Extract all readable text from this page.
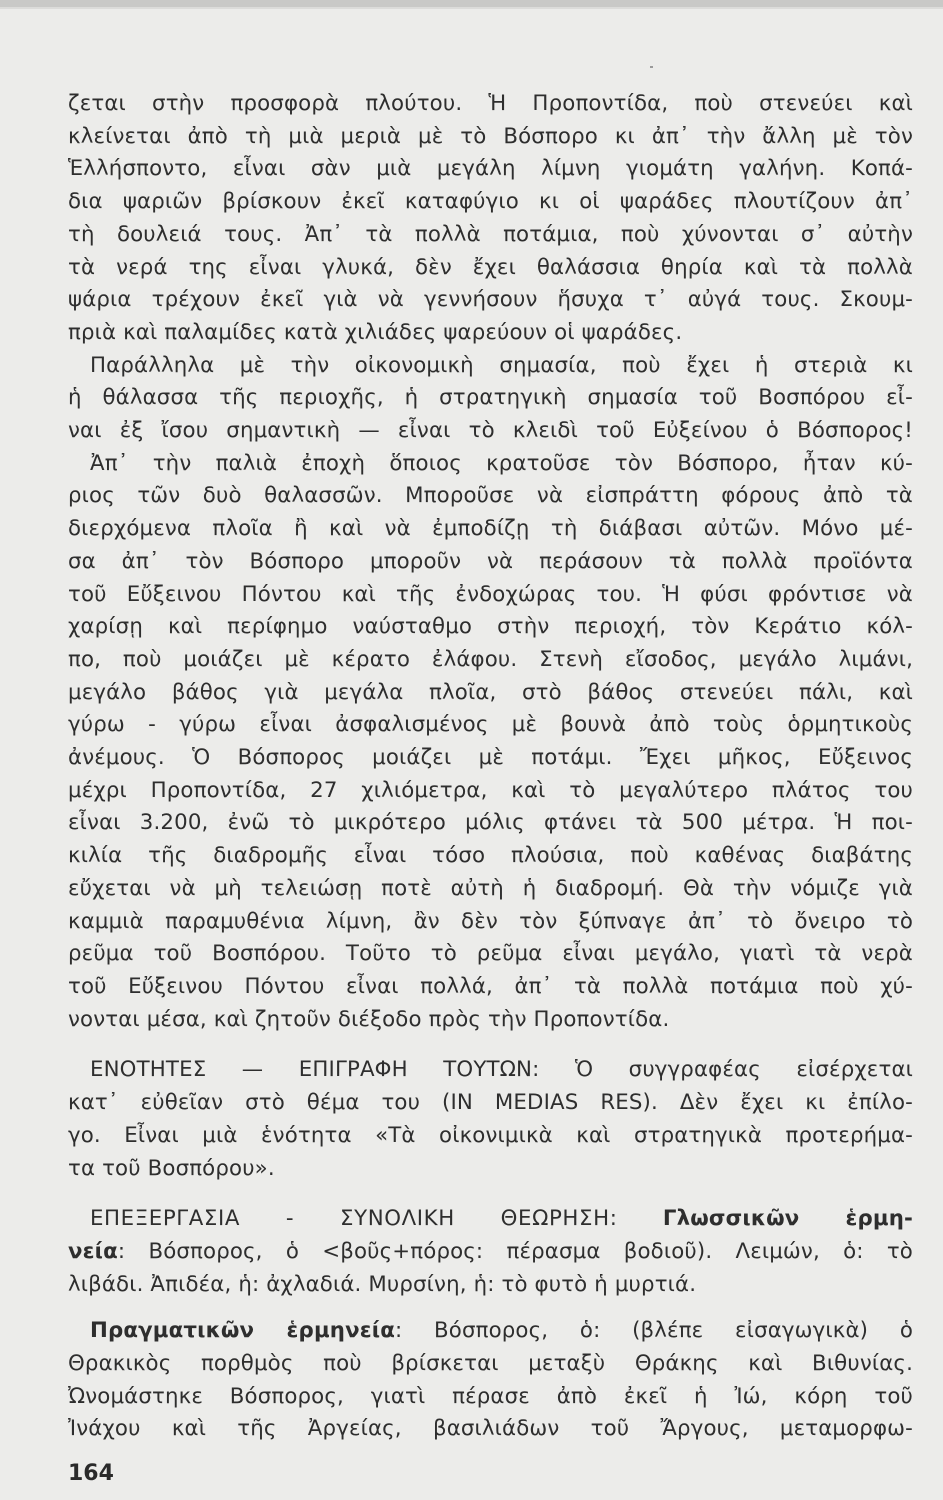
ζεται στὴν προσφορὰ πλούτου. Ἡ Προποντίδα, ποὺ στενεύει καὶ

κλείνεται ἀπὸ τὴ μιὰ μεριὰ μὲ τὸ Βόσπορο κι ἀπ᾿ τὴν ἄλλη μὲ τὸν

Ἑλλήσποντο, εἶναι σὰν μιὰ μεγάλη λίμνη γιομάτη γαλήνη. Κοπά-

δια ψαριῶν βρίσκουν ἐκεῖ καταφύγιο κι οἱ ψαράδες πλουτίζουν ἀπ᾿

τὴ δουλειά τους. Ἀπ᾿ τὰ πολλὰ ποτάμια, ποὺ χύνονται σ᾿ αὐτὴν

τὰ νερά της εἶναι γλυκά, δὲν ἔχει θαλάσσια θηρία καὶ τὰ πολλὰ

ψάρια τρέχουν ἐκεῖ γιὰ νὰ γεννήσουν ἥσυχα τ᾿ αὐγά τους. Σκουμ-

πριὰ καὶ παλαμίδες κατὰ χιλιάδες ψαρεύουν οἱ ψαράδες.

Παράλληλα μὲ τὴν οἰκονομικὴ σημασία, ποὺ ἔχει ἡ στεριὰ κι

ἡ θάλασσα τῆς περιοχῆς, ἡ στρατηγικὴ σημασία τοῦ Βοσπόρου εἶ-

ναι ἐξ ἴσου σημαντικὴ — εἶναι τὸ κλειδὶ τοῦ Εὐξείνου ὁ Βόσπορος!

Ἀπ᾿ τὴν παλιὰ ἐποχὴ ὅποιος κρατοῦσε τὸν Βόσπορο, ἦταν κύ-

ριος τῶν δυὸ θαλασσῶν. Μποροῦσε νὰ εἰσπράττη φόρους ἀπὸ τὰ

διερχόμενα πλοῖα ἢ καὶ νὰ ἐμποδίζῃ τὴ διάβασι αὐτῶν. Μόνο μέ-

σα ἀπ᾿ τὸν Βόσπορο μποροῦν νὰ περάσουν τὰ πολλὰ προϊόντα

τοῦ Εὔξεινου Πόντου καὶ τῆς ἐνδοχώρας του. Ἡ φύσι φρόντισε νὰ

χαρίσῃ καὶ περίφημο ναύσταθμο στὴν περιοχή, τὸν Κεράτιο κόλ-

πο, ποὺ μοιάζει μὲ κέρατο ἐλάφου. Στενὴ εἴσοδος, μεγάλο λιμάνι,

μεγάλο βάθος γιὰ μεγάλα πλοῖα, στὸ βάθος στενεύει πάλι, καὶ

γύρω - γύρω εἶναι ἀσφαλισμένος μὲ βουνὰ ἀπὸ τοὺς ὁρμητικοὺς

ἀνέμους. Ὁ Βόσπορος μοιάζει μὲ ποτάμι. Ἔχει μῆκος, Εὔξεινος

μέχρι Προποντίδα, 27 χιλιόμετρα, καὶ τὸ μεγαλύτερο πλάτος του

εἶναι 3.200, ἐνῶ τὸ μικρότερο μόλις φτάνει τὰ 500 μέτρα. Ἡ ποι-

κιλία τῆς διαδρομῆς εἶναι τόσο πλούσια, ποὺ καθένας διαβάτης

εὔχεται νὰ μὴ τελειώσῃ ποτὲ αὐτὴ ἡ διαδρομή. Θὰ τὴν νόμιζε γιὰ

καμμιὰ παραμυθένια λίμνη, ἂν δὲν τὸν ξύπναγε ἀπ᾿ τὸ ὄνειρο τὸ

ρεῦμα τοῦ Βοσπόρου. Τοῦτο τὸ ρεῦμα εἶναι μεγάλο, γιατὶ τὰ νερὰ

τοῦ Εὔξεινου Πόντου εἶναι πολλά, ἀπ᾿ τὰ πολλὰ ποτάμια ποὺ χύ-

νονται μέσα, καὶ ζητοῦν διέξοδο πρὸς τὴν Προποντίδα.

ΕΝΟΤΗΤΕΣ — ΕΠΙΓΡΑΦΗ ΤΟΥΤΩΝ: Ὁ συγγραφέας εἰσέρχεται

κατ᾿ εὐθεῖαν στὸ θέμα του (IN MEDIAS RES). Δὲν ἔχει κι ἐπίλο-

γο. Εἶναι μιὰ ἑνότητα «Τὰ οἰκονιμικὰ καὶ στρατηγικὰ προτερήμα-

τα τοῦ Βοσπόρου».

ΕΠΕΞΕΡΓΑΣΙΑ - ΣΥΝΟΛΙΚΗ ΘΕΩΡΗΣΗ: Γλωσσικῶν ἑρμη-

νεία: Βόσπορος, ὁ <βοῦς+πόρος: πέρασμα βοδιοῦ). Λειμών, ὁ: τὸ

λιβάδι. Ἀπιδέα, ἡ: ἀχλαδιά. Μυρσίνη, ἡ: τὸ φυτὸ ἡ μυρτιά.

Πραγματικῶν ἑρμηνεία: Βόσπορος, ὁ: (βλέπε εἰσαγωγικὰ) ὁ

Θρακικὸς πορθμὸς ποὺ βρίσκεται μεταξὺ Θράκης καὶ Βιθυνίας.

Ὠνομάστηκε Βόσπορος, γιατὶ πέρασε ἀπὸ ἐκεῖ ἡ Ἰώ, κόρη τοῦ

Ἰνάχου καὶ τῆς Ἀργείας, βασιλιάδων τοῦ Ἄργους, μεταμορφω-

164
